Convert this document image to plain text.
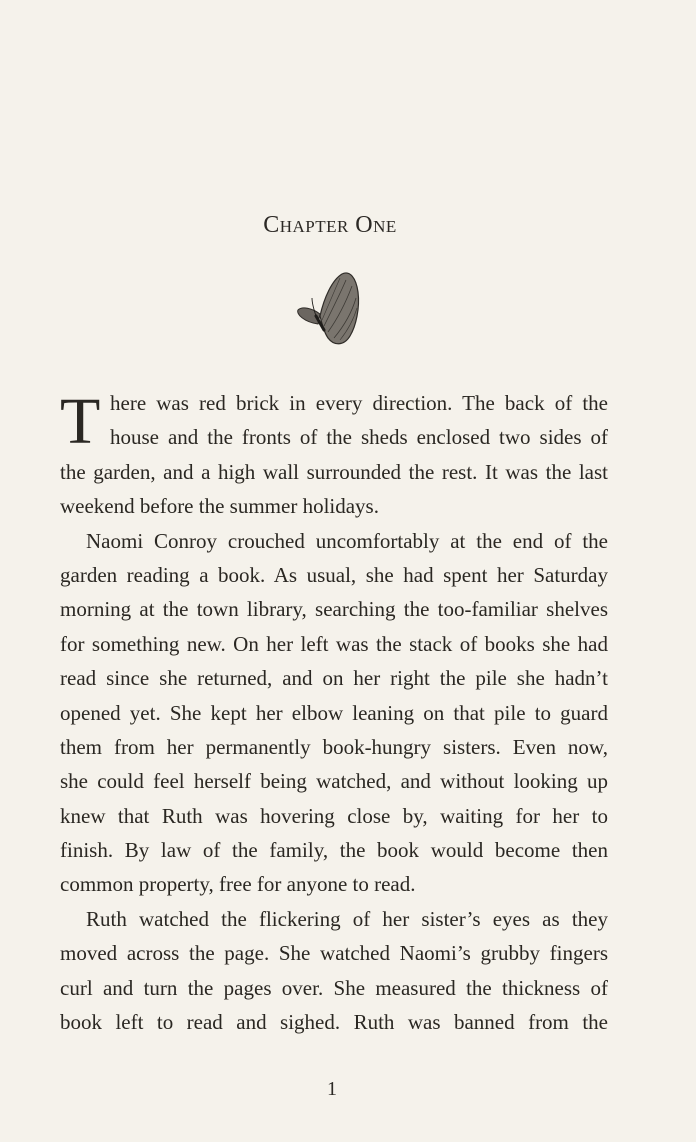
Chapter One
T here was red brick in every direction. The back of the
house and the fronts of the sheds enclosed two sides of
the garden, and a high wall surrounded the rest. It was the last
weekend before the summer holidays.
Naomi Conroy crouched uncomfortably at the end of the
garden reading a book. As usual, she had spent her Saturday
morning at the town library, searching the too-familiar shelves
for something new. On her left was the stack of books she had
read since she returned, and on her right the pile she hadn’t
opened yet. She kept her elbow leaning on that pile to guard
them from her permanently book-hungry sisters. Even now,
she could feel herself being watched, and without looking up
knew that Ruth was hovering close by, waiting for her to
finish. By law of the family, the book would become then
common property, free for anyone to read.
Ruth watched the flickering of her sister’s eyes as they
moved across the page. She watched Naomi’s grubby fingers
curl and turn the pages over. She measured the thickness of
book left to read and sighed. Ruth was banned from the
1
